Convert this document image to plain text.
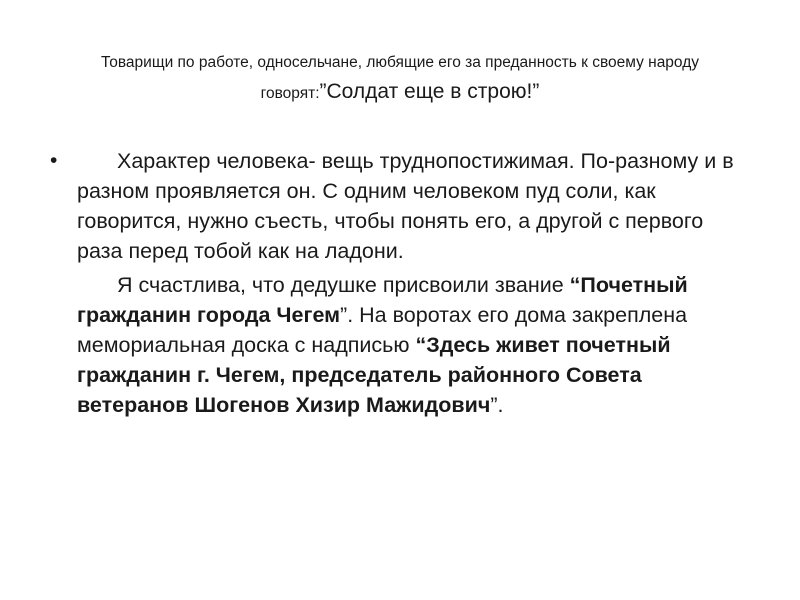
Товарищи по работе, односельчане, любящие его за преданность к своему народу говорят:”Солдат еще в строю!”
•	Характер человека- вещь труднопостижимая. По-разному и в разном проявляется он. С одним человеком пуд соли, как говорится, нужно съесть, чтобы понять его, а другой с первого раза перед тобой как на ладони.

Я счастлива, что дедушке присвоили звание “Почетный гражданин города Чегем”. На воротах его дома закреплена мемориальная доска с надписью “Здесь живет почетный гражданин г. Чегем, председатель районного Совета ветеранов Шогенов Хизир Мажидович”.
